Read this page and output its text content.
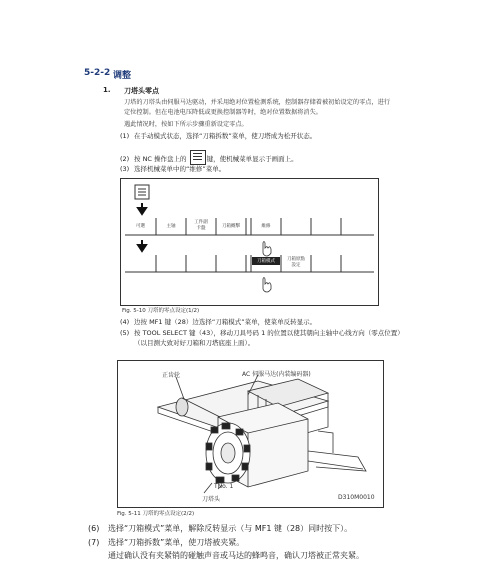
5-2-2 调整
1. 刀塔头零点
刀塔的刀塔头由伺服马达驱动，并采用绝对位置检测系统，控制器存储着被初始设定的零点，进行
定位控制。但在电池电压降低或更换控制器等时，绝对位置数据将消失。
遇此情况时，按如下所示步骤重新设定零点。
(1) 在手动模式状态，选择“刀箱拆数”菜单，使刀塔成为松开状态。
(2) 按 NC 操作盘上的	键，使机械菜单显示于画面上。
(3) 选择机械菜单中的“维修”菜单。
可選	主轴
工件副
卡盤	刀箱概擊	維修
刀箱模式	刀箱原點
設定
Fig. 5-10 刀塔的零点设定(1/2)
(4) 边按 MF1 键（28）边选择“刀箱模式”菜单，使菜单反转显示。
(5) 按 TOOL SELECT 键（43），移动刀具号码 1 的位置以使其朝向主轴中心线方向（零点位置）
（以目测大致对好刀箱和刀塔底座上面）。
正齿轮	AC 伺服马达(内装编码器)
TNo. 1
刀塔头	D310M0010
Fig. 5-11 刀塔的零点设定(2/2)
(6) 选择“刀箱模式”菜单，解除反转显示（与 MF1 键（28）同时按下）。
(7) 选择“刀箱拆数”菜单，使刀塔被夹紧。
通过确认没有夹紧销的碰触声音或马达的蜂鸣音，确认刀塔被正常夹紧。
